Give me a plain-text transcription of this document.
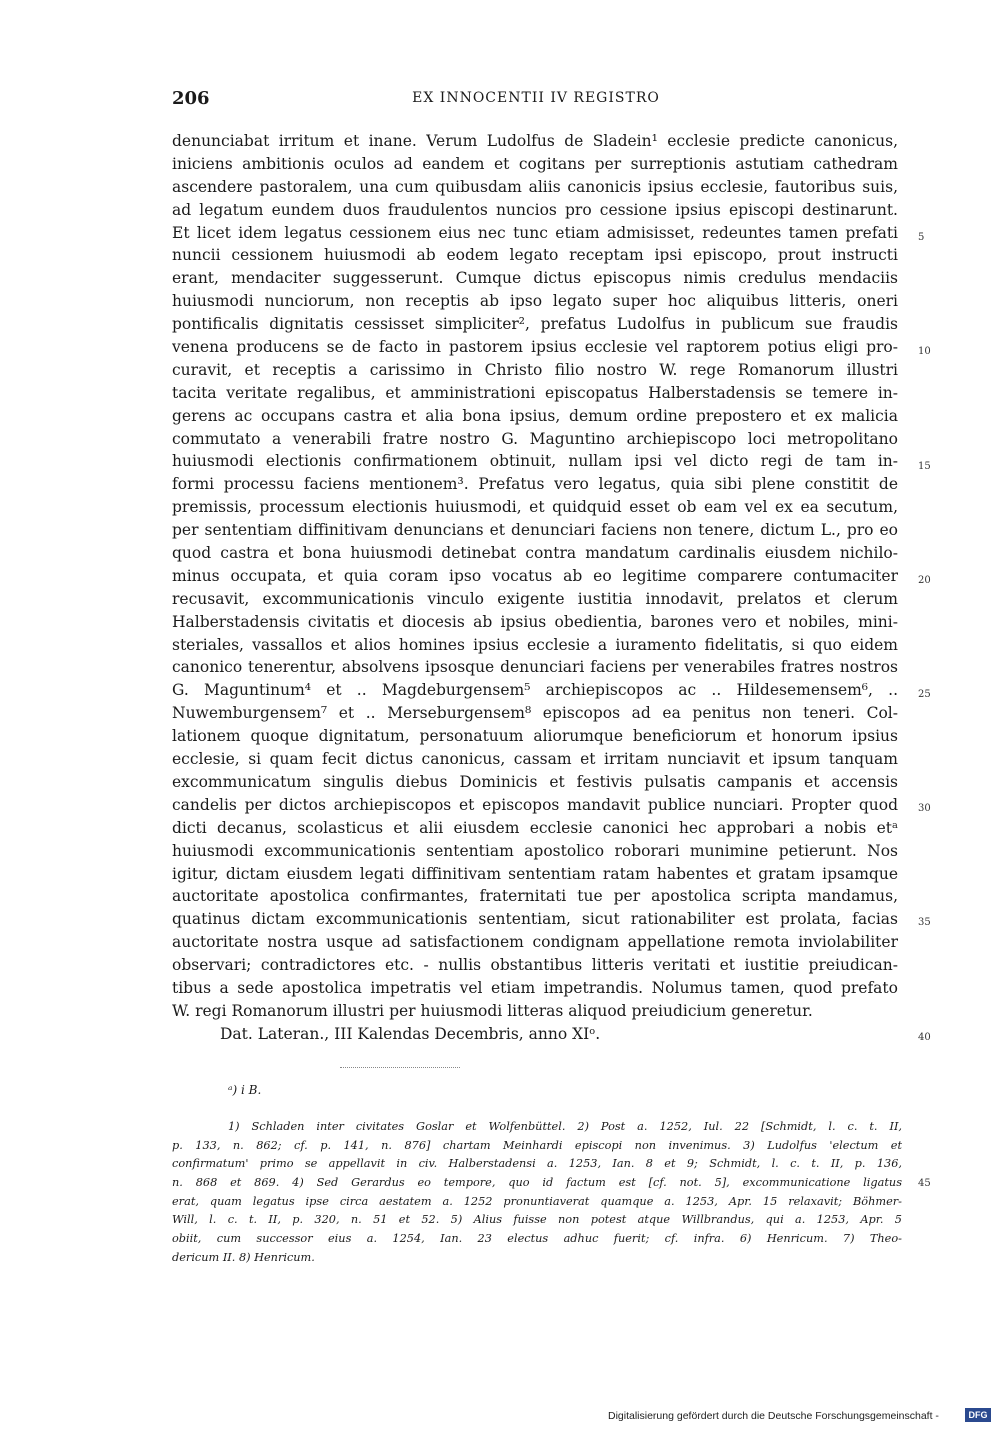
206	EX INNOCENTII IV REGISTRO
denunciabat irritum et inane. Verum Ludolfus de Sladein¹ ecclesie predicte canonicus,
iniciens ambitionis oculos ad eandem et cogitans per surreptionis astutiam cathedram
ascendere pastoralem, una cum quibusdam aliis canonicis ipsius ecclesie, fautoribus suis,
ad legatum eundem duos fraudulentos nuncios pro cessione ipsius episcopi destinarunt.
Et licet idem legatus cessionem eius nec tunc etiam admisisset, redeuntes tamen prefati
nuncii cessionem huiusmodi ab eodem legato receptam ipsi episcopo, prout instructi
erant, mendaciter suggesserunt. Cumque dictus episcopus nimis credulus mendaciis
huiusmodi nunciorum, non receptis ab ipso legato super hoc aliquibus litteris, oneri
pontificalis dignitatis cessisset simpliciter², prefatus Ludolfus in publicum sue fraudis
venena producens se de facto in pastorem ipsius ecclesie vel raptorem potius eligi pro-
curavit, et receptis a carissimo in Christo filio nostro W. rege Romanorum illustri
tacita veritate regalibus, et amministrationi episcopatus Halberstadensis se temere in-
gerens ac occupans castra et alia bona ipsius, demum ordine prepostero et ex malicia
commutato a venerabili fratre nostro G. Maguntino archiepiscopo loci metropolitano
huiusmodi electionis confirmationem obtinuit, nullam ipsi vel dicto regi de tam in-
formi processu faciens mentionem³. Prefatus vero legatus, quia sibi plene constitit de
premissis, processum electionis huiusmodi, et quidquid esset ob eam vel ex ea secutum,
per sententiam diffinitivam denuncians et denunciari faciens non tenere, dictum L., pro eo
quod castra et bona huiusmodi detinebat contra mandatum cardinalis eiusdem nichilo-
minus occupata, et quia coram ipso vocatus ab eo legitime comparere contumaciter
recusavit, excommunicationis vinculo exigente iustitia innodavit, prelatos et clerum
Halberstadensis civitatis et diocesis ab ipsius obedientia, barones vero et nobiles, mini-
steriales, vassallos et alios homines ipsius ecclesie a iuramento fidelitatis, si quo eidem
canonico tenerentur, absolvens ipsosque denunciari faciens per venerabiles fratres nostros
G. Maguntinum⁴ et .. Magdeburgensem⁵ archiepiscopos ac .. Hildesemensem⁶, ..
Nuwemburgensem⁷ et .. Merseburgensem⁸ episcopos ad ea penitus non teneri. Col-
lationem quoque dignitatum, personatuum aliorumque beneficiorum et honorum ipsius
ecclesie, si quam fecit dictus canonicus, cassam et irritam nunciavit et ipsum tanquam
excommunicatum singulis diebus Dominicis et festivis pulsatis campanis et accensis
candelis per dictos archiepiscopos et episcopos mandavit publice nunciari. Propter quod
dicti decanus, scolasticus et alii eiusdem ecclesie canonici hec approbari a nobis etᵃ
huiusmodi excommunicationis sententiam apostolico roborari munimine petierunt. Nos
igitur, dictam eiusdem legati diffinitivam sententiam ratam habentes et gratam ipsamque
auctoritate apostolica confirmantes, fraternitati tue per apostolica scripta mandamus,
quatinus dictam excommunicationis sententiam, sicut rationabiliter est prolata, facias
auctoritate nostra usque ad satisfactionem condignam appellatione remota inviolabiliter
observari; contradictores etc. - nullis obstantibus litteris veritati et iustitie preiudican-
tibus a sede apostolica impetratis vel etiam impetrandis. Nolumus tamen, quod prefato
W. regi Romanorum illustri per huiusmodi litteras aliquod preiudicium generetur.
Dat. Lateran., III Kalendas Decembris, anno XIᵒ.
5
10
15
20
25
30
35
40
45
ᵃ) i B.
1) Schladen inter civitates Goslar et Wolfenbüttel. 2) Post a. 1252, Iul. 22 [Schmidt, l. c. t. II,
p. 133, n. 862; cf. p. 141, n. 876] chartam Meinhardi episcopi non invenimus. 3) Ludolfus 'electum et
confirmatum' primo se appellavit in civ. Halberstadensi a. 1253, Ian. 8 et 9; Schmidt, l. c. t. II, p. 136,
n. 868 et 869. 4) Sed Gerardus eo tempore, quo id factum est [cf. not. 5], excommunicatione ligatus
erat, quam legatus ipse circa aestatem a. 1252 pronuntiaverat quamque a. 1253, Apr. 15 relaxavit; Böhmer-
Will, l. c. t. II, p. 320, n. 51 et 52. 5) Alius fuisse non potest atque Willbrandus, qui a. 1253, Apr. 5
obiit, cum successor eius a. 1254, Ian. 23 electus adhuc fuerit; cf. infra. 6) Henricum. 7) Theo-
dericum II. 8) Henricum.
Digitalisierung gefördert durch die Deutsche Forschungsgemeinschaft -	DFG
